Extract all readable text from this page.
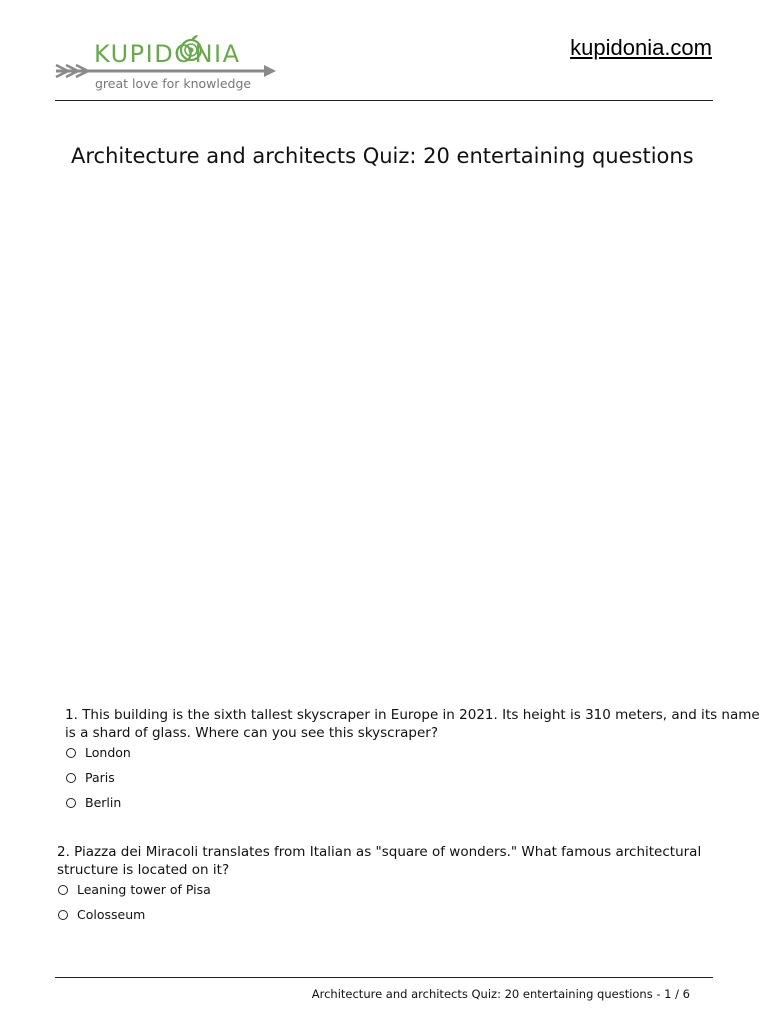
KUPIDONIA
great love for knowledge
kupidonia.com
Architecture and architects Quiz: 20 entertaining questions
1. This building is the sixth tallest skyscraper in Europe in 2021. Its height is 310 meters, and its name is a shard of glass. Where can you see this skyscraper?
London
Paris
Berlin
2. Piazza dei Miracoli translates from Italian as "square of wonders." What famous architectural structure is located on it?
Leaning tower of Pisa
Colosseum
Architecture and architects Quiz: 20 entertaining questions - 1 / 6
